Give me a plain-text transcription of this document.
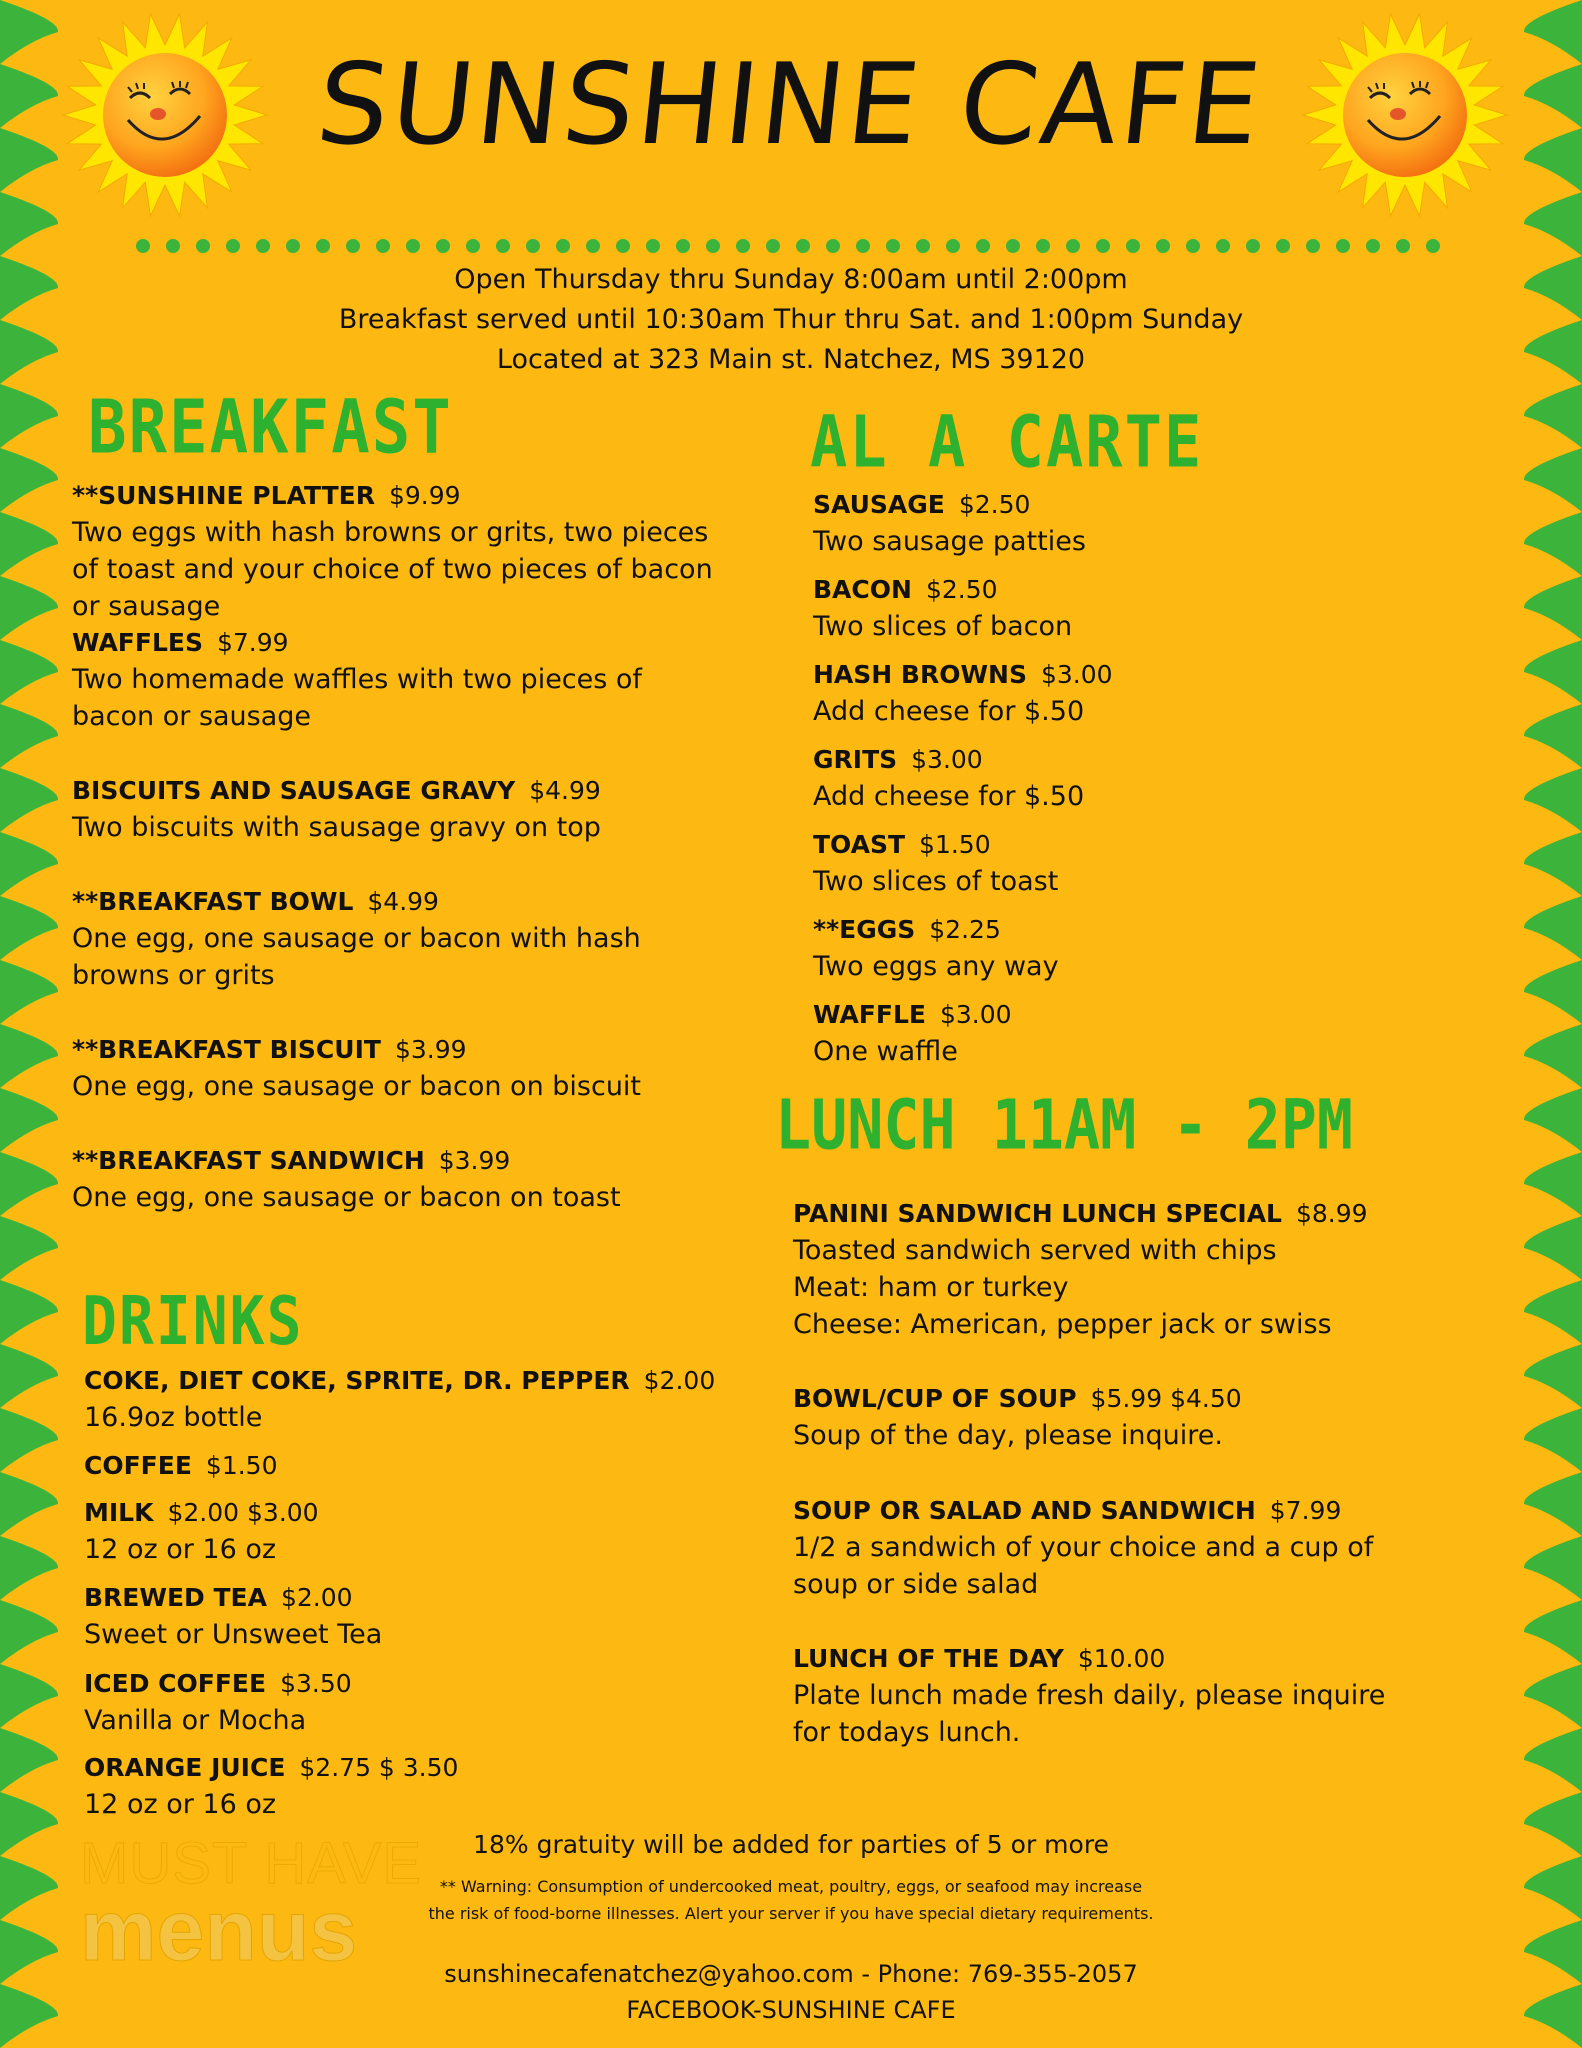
SUNSHINE CAFE
Open Thursday thru Sunday 8:00am until 2:00pm
Breakfast served until 10:30am Thur thru Sat. and 1:00pm Sunday
Located at 323 Main st. Natchez, MS 39120
BREAKFAST
**SUNSHINE PLATTER $9.99
Two eggs with hash browns or grits, two pieces of toast and your choice of two pieces of bacon or sausage
WAFFLES $7.99
Two homemade waffles with two pieces of bacon or sausage
BISCUITS AND SAUSAGE GRAVY $4.99
Two biscuits with sausage gravy on top
**BREAKFAST BOWL $4.99
One egg, one sausage or bacon with hash browns or grits
**BREAKFAST BISCUIT $3.99
One egg, one sausage or bacon on biscuit
**BREAKFAST SANDWICH $3.99
One egg, one sausage or bacon on toast
DRINKS
COKE, DIET COKE, SPRITE, DR. PEPPER $2.00
16.9oz bottle
COFFEE $1.50
MILK $2.00 $3.00
12 oz or 16 oz
BREWED TEA $2.00
Sweet or Unsweet Tea
ICED COFFEE $3.50
Vanilla or Mocha
ORANGE JUICE $2.75 $ 3.50
12 oz or 16 oz
AL A CARTE
SAUSAGE $2.50
Two sausage patties
BACON $2.50
Two slices of bacon
HASH BROWNS $3.00
Add cheese for $.50
GRITS $3.00
Add cheese for $.50
TOAST $1.50
Two slices of toast
**EGGS $2.25
Two eggs any way
WAFFLE $3.00
One waffle
LUNCH 11AM - 2PM
PANINI SANDWICH LUNCH SPECIAL $8.99
Toasted sandwich served with chips
Meat: ham or turkey
Cheese: American, pepper jack or swiss
BOWL/CUP OF SOUP $5.99 $4.50
Soup of the day, please inquire.
SOUP OR SALAD AND SANDWICH $7.99
1/2 a sandwich of your choice and a cup of soup or side salad
LUNCH OF THE DAY $10.00
Plate lunch made fresh daily, please inquire for todays lunch.
MUST HAVE
menus
18% gratuity will be added for parties of 5 or more
** Warning: Consumption of undercooked meat, poultry, eggs, or seafood may increase
the risk of food-borne illnesses. Alert your server if you have special dietary requirements.
sunshinecafenatchez@yahoo.com - Phone: 769-355-2057
FACEBOOK-SUNSHINE CAFE
